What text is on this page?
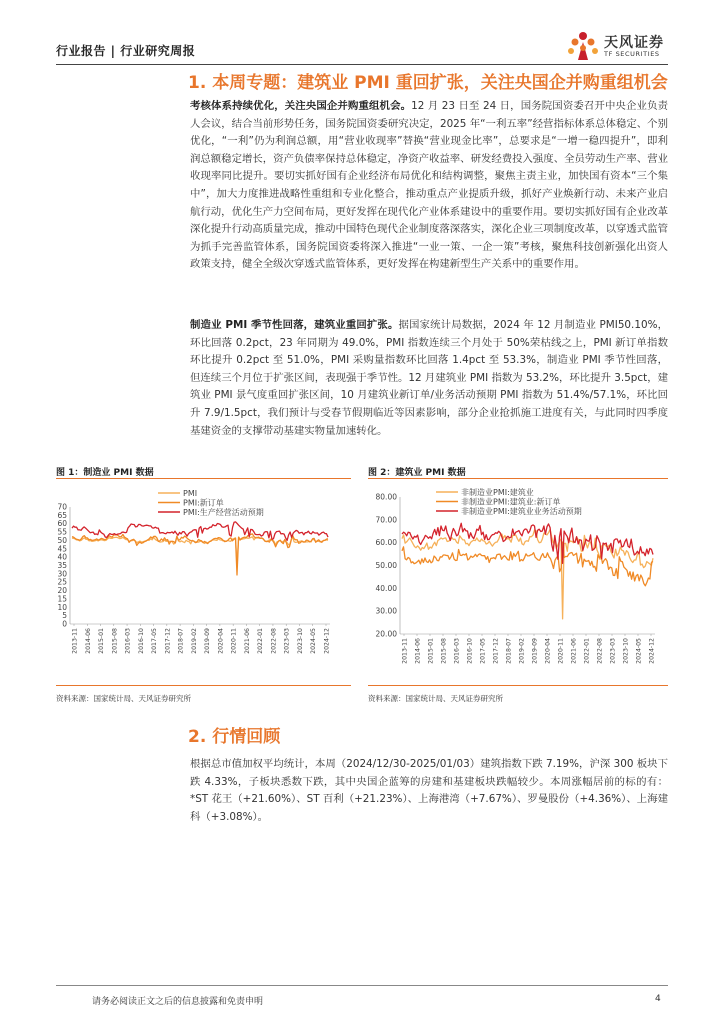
行业报告 | 行业研究周报	天风证券
TF SECURITIES
1. 本周专题：建筑业 PMI 重回扩张，关注央国企并购重组机会
考核体系持续优化，关注央国企并购重组机会。12 月 23 日至 24 日，国务院国资委召开中央企业负责人会议，结合当前形势任务，国务院国资委研究决定，2025 年“一利五率”经营指标体系总体稳定、个别优化，“一利”仍为利润总额，用“营业收现率”替换“营业现金比率”，总要求是“一增一稳四提升”，即利润总额稳定增长，资产负债率保持总体稳定，净资产收益率、研发经费投入强度、全员劳动生产率、营业收现率同比提升。要切实抓好国有企业经济布局优化和结构调整，聚焦主责主业，加快国有资本“三个集中”，加大力度推进战略性重组和专业化整合，推动重点产业提质升级，抓好产业焕新行动、未来产业启航行动，优化生产力空间布局，更好发挥在现代化产业体系建设中的重要作用。要切实抓好国有企业改革深化提升行动高质量完成，推动中国特色现代企业制度落深落实，深化企业三项制度改革，以穿透式监管为抓手完善监管体系，国务院国资委将深入推进“一业一策、一企一策”考核，聚焦科技创新强化出资人政策支持，健全全级次穿透式监管体系，更好发挥在构建新型生产关系中的重要作用。
制造业 PMI 季节性回落，建筑业重回扩张。据国家统计局数据，2024 年 12 月制造业 PMI50.10%，环比回落 0.2pct，23 年同期为 49.0%，PMI 指数连续三个月处于 50%荣枯线之上，PMI 新订单指数环比提升 0.2pct 至 51.0%，PMI 采购量指数环比回落 1.4pct 至 53.3%，制造业 PMI 季节性回落，但连续三个月位于扩张区间，表现强于季节性。12 月建筑业 PMI 指数为 53.2%，环比提升 3.5pct，建筑业 PMI 景气度重回扩张区间，10 月建筑业新订单/业务活动预期 PMI 指数为 51.4%/57.1%，环比回升 7.9/1.5pct，我们预计与受春节假期临近等因素影响，部分企业抢抓施工进度有关，与此同时四季度基建资金的支撑带动基建实物量加速转化。
图 1：制造业 PMI 数据
0
5
10
15
20
25
30
35
40
45
50
55
60
65
70
2013-11 2014-06 2015-01 2015-08 2016-03 2016-10 2017-05 2017-12 2018-07 2019-02 2019-09 2020-04 2020-11 2021-06 2022-01 2022-08 2023-03 2023-10 2024-05 2024-12
PMI
PMI:新订单
PMI:生产经营活动预期
资料来源：国家统计局、天风证券研究所
图 2：建筑业 PMI 数据
20.00
30.00
40.00
50.00
60.00
70.00
80.00
2013-11 2014-06 2015-01 2015-08 2016-03 2016-10 2017-05 2017-12 2018-07 2019-02 2019-09 2020-04 2020-11 2021-06 2022-01 2022-08 2023-03 2023-10 2024-05 2024-12
非制造业PMI:建筑业
非制造业PMI:建筑业:新订单
非制造业PMI:建筑业业务活动预期
资料来源：国家统计局、天风证券研究所
2. 行情回顾
根据总市值加权平均统计，本周（2024/12/30-2025/01/03）建筑指数下跌 7.19%，沪深 300 板块下跌 4.33%，子板块悉数下跌，其中央国企蓝筹的房建和基建板块跌幅较少。本周涨幅居前的标的有：*ST 花王（+21.60%）、ST 百利（+21.23%）、上海港湾（+7.67%）、罗曼股份（+4.36%）、上海建科（+3.08%）。
请务必阅读正文之后的信息披露和免责申明	4
